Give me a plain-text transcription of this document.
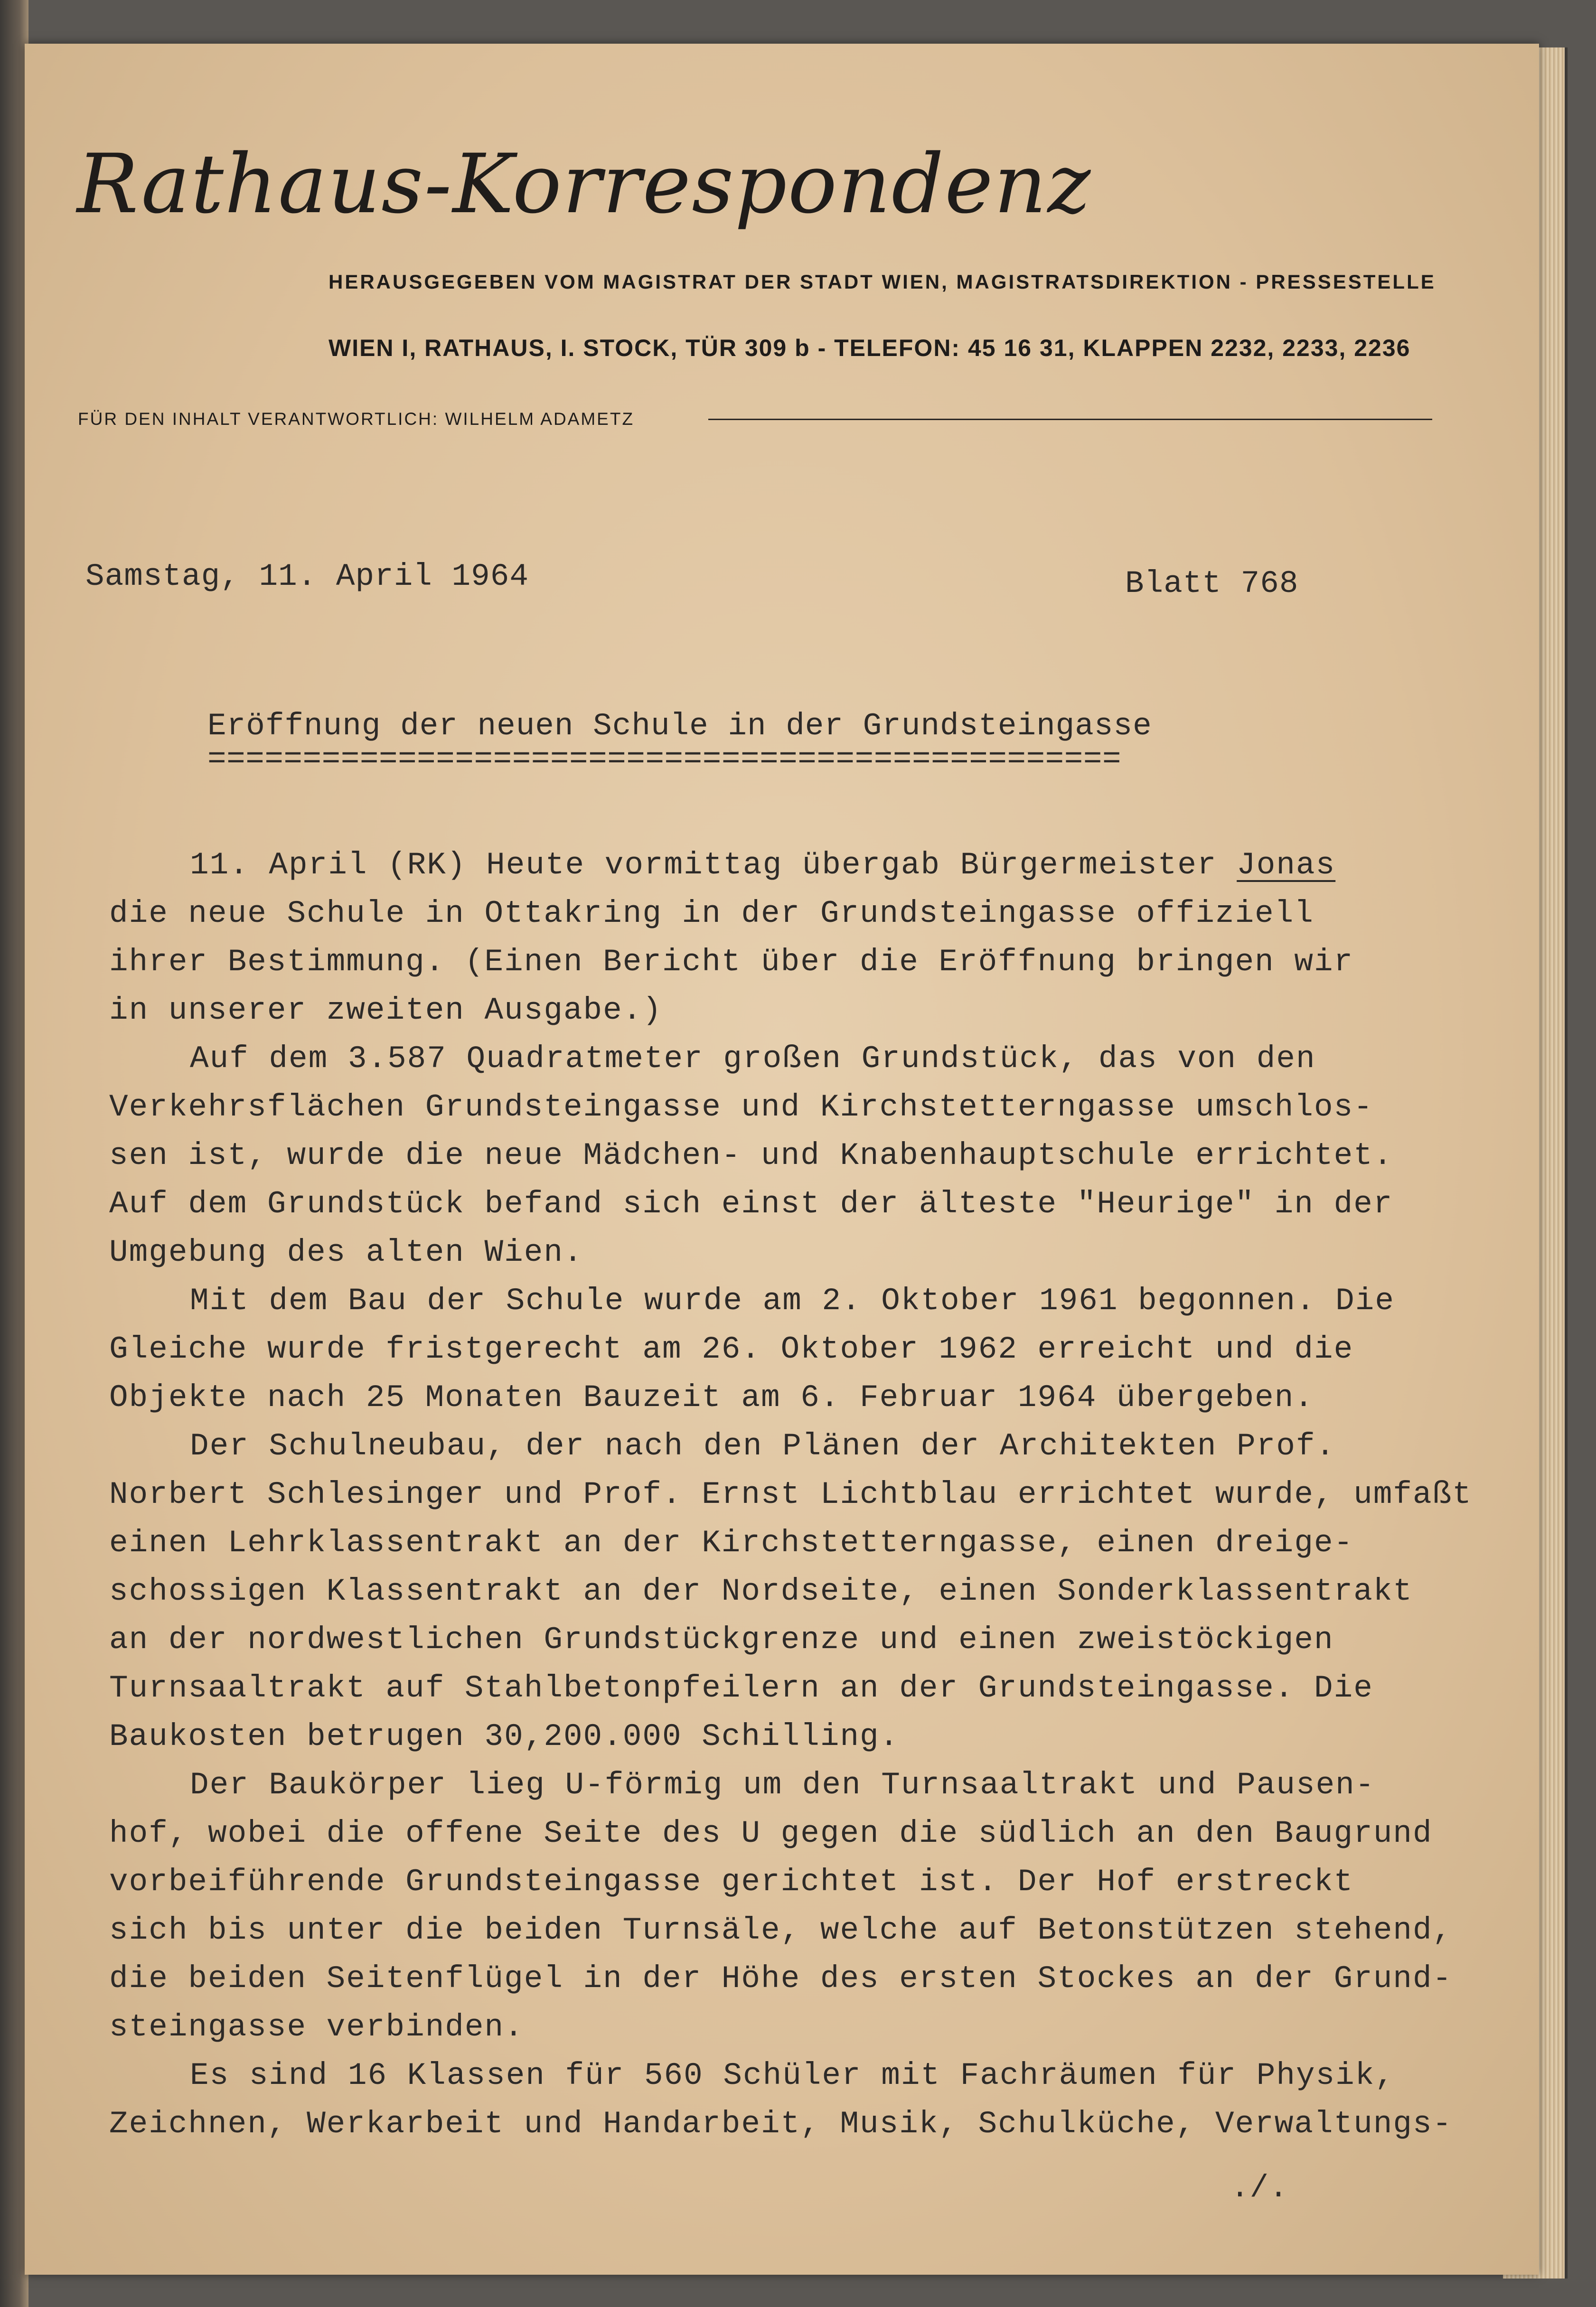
Rathaus-Korrespondenz
HERAUSGEGEBEN VOM MAGISTRAT DER STADT WIEN, MAGISTRATSDIREKTION - PRESSESTELLE
WIEN I, RATHAUS, I. STOCK, TÜR 309 b - TELEFON: 45 16 31, KLAPPEN 2232, 2233, 2236
FÜR DEN INHALT VERANTWORTLICH: WILHELM ADAMETZ
Samstag, 11. April 1964	Blatt 768
Eröffnung der neuen Schule in der Grundsteingasse
================================================
11. April (RK) Heute vormittag übergab Bürgermeister Jonas
die neue Schule in Ottakring in der Grundsteingasse offiziell
ihrer Bestimmung. (Einen Bericht über die Eröffnung bringen wir
in unserer zweiten Ausgabe.)
Auf dem 3.587 Quadratmeter großen Grundstück, das von den
Verkehrsflächen Grundsteingasse und Kirchstetterngasse umschlos-
sen ist, wurde die neue Mädchen- und Knabenhauptschule errichtet.
Auf dem Grundstück befand sich einst der älteste "Heurige" in der
Umgebung des alten Wien.
Mit dem Bau der Schule wurde am 2. Oktober 1961 begonnen. Die
Gleiche wurde fristgerecht am 26. Oktober 1962 erreicht und die
Objekte nach 25 Monaten Bauzeit am 6. Februar 1964 übergeben.
Der Schulneubau, der nach den Plänen der Architekten Prof.
Norbert Schlesinger und Prof. Ernst Lichtblau errichtet wurde, umfaßt
einen Lehrklassentrakt an der Kirchstetterngasse, einen dreige-
schossigen Klassentrakt an der Nordseite, einen Sonderklassentrakt
an der nordwestlichen Grundstückgrenze und einen zweistöckigen
Turnsaaltrakt auf Stahlbetonpfeilern an der Grundsteingasse. Die
Baukosten betrugen 30,200.000 Schilling.
Der Baukörper lieg U-förmig um den Turnsaaltrakt und Pausen-
hof, wobei die offene Seite des U gegen die südlich an den Baugrund
vorbeiführende Grundsteingasse gerichtet ist. Der Hof erstreckt
sich bis unter die beiden Turnsäle, welche auf Betonstützen stehend,
die beiden Seitenflügel in der Höhe des ersten Stockes an der Grund-
steingasse verbinden.
Es sind 16 Klassen für 560 Schüler mit Fachräumen für Physik,
Zeichnen, Werkarbeit und Handarbeit, Musik, Schulküche, Verwaltungs-
./.
